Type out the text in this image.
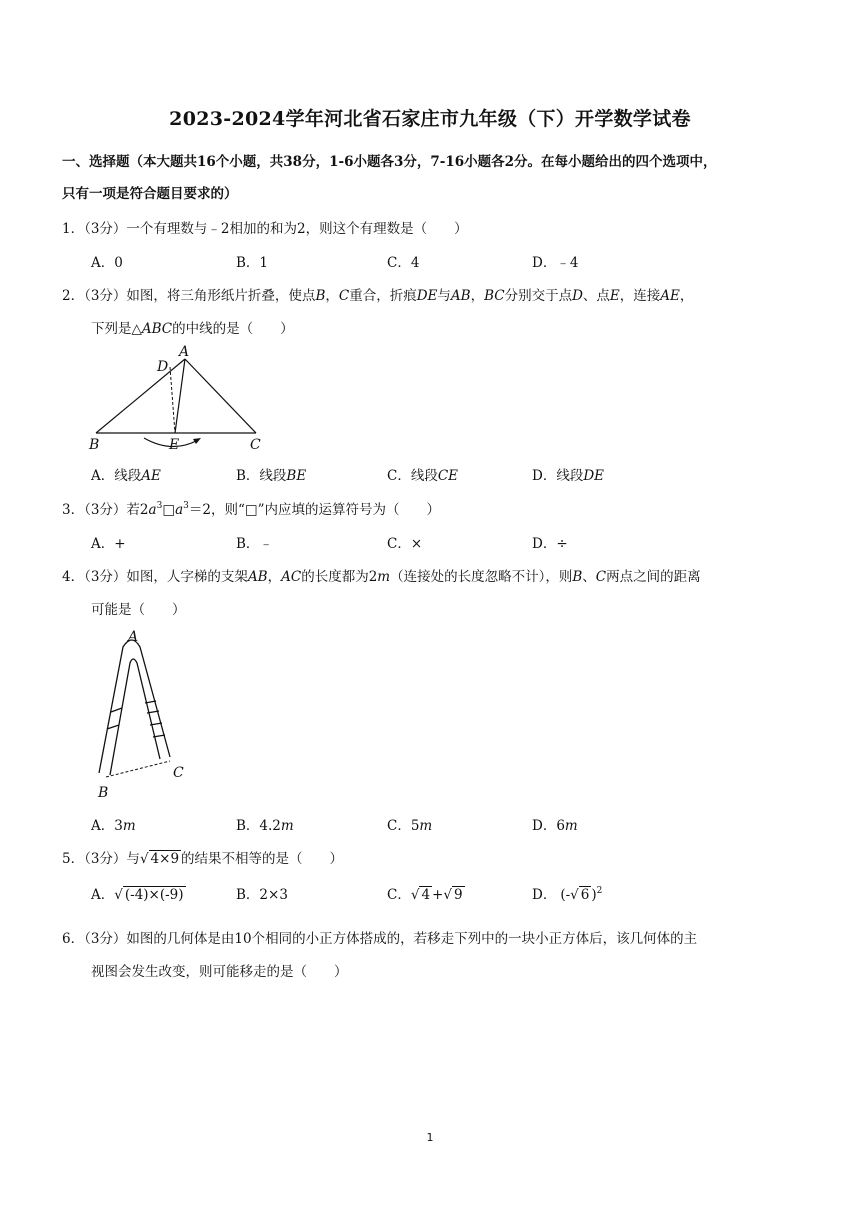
2023-2024学年河北省石家庄市九年级（下）开学数学试卷
一、选择题（本大题共16个小题，共38分，1-6小题各3分，7-16小题各2分。在每小题给出的四个选项中，
只有一项是符合题目要求的）
1．（3分）一个有理数与﹣2相加的和为2，则这个有理数是（　　）
A．0	B．1	C．4	D．﹣4
2．（3分）如图，将三角形纸片折叠，使点B，C重合，折痕DE与AB，BC分别交于点D、点E，连接AE，
下列是△ABC的中线的是（　　）
A
D
B	E	C
A．线段AE	B．线段BE	C．线段CE	D．线段DE
3．（3分）若$2a^3□a^3=2$，则“□”内应填的运算符号为（　　）
A．+	B．﹣	C．×	D．÷
4．（3分）如图，人字梯的支架AB，AC的长度都为2m（连接处的长度忽略不计），则B、C两点之间的距离
可能是（　　）
A
B
C
A．3m	B．4.2m	C．5m	D．6m
5．（3分）与√ 4×9 的结果不相等的是（　　）
A．√ (-4)×(-9)	B．2×3	C．√ 4 +√ 9	D． (-√ 6 )$^2$
6．（3分）如图的几何体是由10个相同的小正方体搭成的，若移走下列中的一块小正方体后，该几何体的主
视图会发生改变，则可能移走的是（　　）
1
